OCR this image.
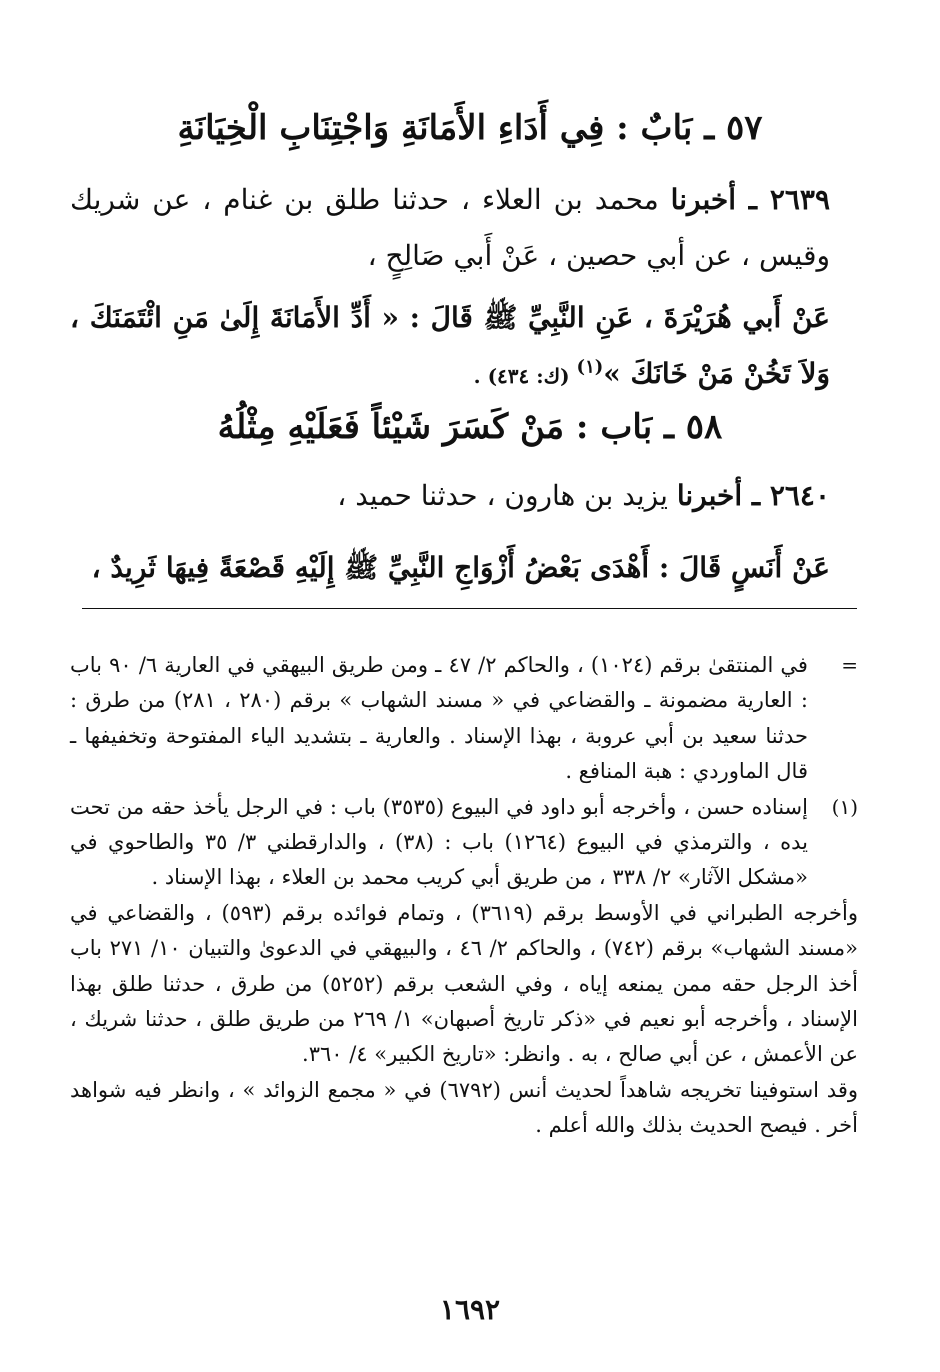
٥٧ ـ بَابٌ : فِي أَدَاءِ الأَمَانَةِ وَاجْتِنَابِ الْخِيَانَةِ
٢٦٣٩ ـ أخبرنا محمد بن العلاء ، حدثنا طلق بن غنام ، عن شريك وقيس ، عن أبي حصين ، عَنْ أَبي صَالِحٍ ،
عَنْ أَبي هُرَيْرَةَ ، عَنِ النَّبِيِّ ﷺ قَالَ : « أَدِّ الأَمَانَةَ إِلَىٰ مَنِ ائْتَمَنَكَ ، وَلاَ تَخُنْ مَنْ خَانَكَ »$^{(١)}$ (ك: ٤٣٤) .
٥٨ ـ بَاب : مَنْ كَسَرَ شَيْئاً فَعَلَيْهِ مِثْلُهُ
٢٦٤٠ ـ أخبرنا يزيد بن هارون ، حدثنا حميد ،
عَنْ أَنَسٍ قَالَ : أَهْدَى بَعْضُ أَزْوَاجِ النَّبِيِّ ﷺ إِلَيْهِ قَصْعَةً فِيهَا ثَرِيدٌ ،
=

في المنتقىٰ برقم (١٠٢٤) ، والحاكم ٢/ ٤٧ ـ ومن طريق البيهقي في العارية ٦/ ٩٠ باب : العارية مضمونة ـ والقضاعي في « مسند الشهاب » برقم (٢٨٠ ، ٢٨١) من طرق : حدثنا سعيد بن أبي عروبة ، بهذا الإسناد . والعارية ـ بتشديد الياء المفتوحة وتخفيفها ـ قال الماوردي : هبة المنافع .

(١)

إسناده حسن ، وأخرجه أبو داود في البيوع (٣٥٣٥) باب : في الرجل يأخذ حقه من تحت يده ، والترمذي في البيوع (١٢٦٤) باب : (٣٨) ، والدارقطني ٣/ ٣٥ والطاحوي في «مشكل الآثار» ٢/ ٣٣٨ ، من طريق أبي كريب محمد بن العلاء ، بهذا الإسناد .

وأخرجه الطبراني في الأوسط برقم (٣٦١٩) ، وتمام فوائده برقم (٥٩٣) ، والقضاعي في «مسند الشهاب» برقم (٧٤٢) ، والحاكم ٢/ ٤٦ ، والبيهقي في الدعوىٰ والتبيان ١٠/ ٢٧١ باب أخذ الرجل حقه ممن يمنعه إياه ، وفي الشعب برقم (٥٢٥٢) من طرق ، حدثنا طلق بهذا الإسناد ، وأخرجه أبو نعيم في «ذكر تاريخ أصبهان» ١/ ٢٦٩ من طريق طلق ، حدثنا شريك ، عن الأعمش ، عن أبي صالح ، به . وانظر: «تاريخ الكبير» ٤/ ٣٦٠.

وقد استوفينا تخريجه شاهداً لحديث أنس (٦٧٩٢) في « مجمع الزوائد » ، وانظر فيه شواهد أخر . فيصح الحديث بذلك والله أعلم .

١٦٩٢
